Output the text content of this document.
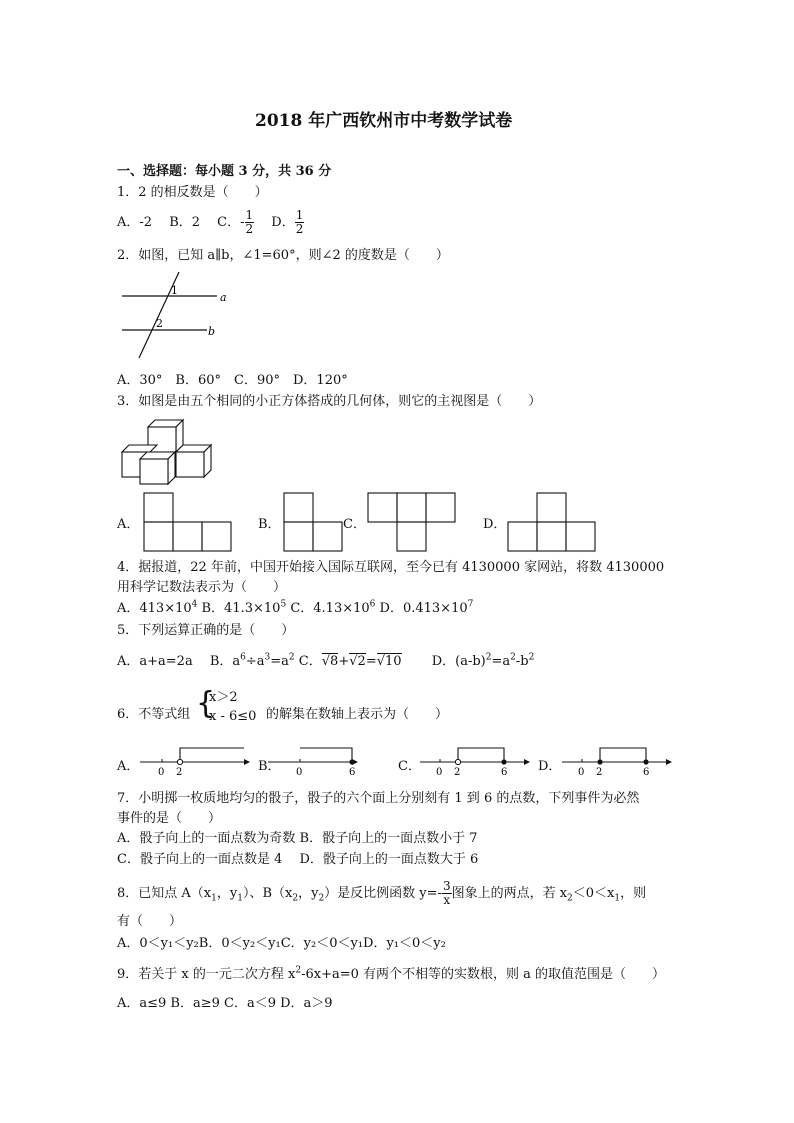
2018 年广西钦州市中考数学试卷
一、选择题：每小题 3 分，共 36 分
1．2 的相反数是（　　）
A．-2　 B．2　 C．- $\frac{1}{2}$
　 D． $\frac{1}{2}$
2．如图，已知 a∥b，∠1=60°，则∠2 的度数是（　　）
1
2
a
b
A．30°　B．60°　C．90°　D．120°
3．如图是由五个相同的小正方体搭成的几何体，则它的主视图是（　　）
A．	B．	C．	D．
4．据报道，22 年前，中国开始接入国际互联网，至今已有 4130000 家网站，将数 4130000
用科学记数法表示为（　　）
A．$413\times 10^4$ B．$41.3\times 10^5$ C．$4.13\times 10^6$ D．$0.413\times 10^7$
5．下列运算正确的是（　　）
A．a+a=2a　 B．$a^6\div a^3=a^2$ C．√8+√2=√10　　 D．$(a-b)^2=a^2-b^2$
6．不等式组 {
x＞2
x - 6≤0 的解集在数轴上表示为（　　）
A． 0 2	B． 0	6	C． 0 2	6 D． 0 2	6
7．小明掷一枚质地均匀的骰子，骰子的六个面上分别刻有 1 到 6 的点数，下列事件为必然
事件的是（　　）
A．骰子向上的一面点数为奇数 B．骰子向上的一面点数小于 7
C．骰子向上的一面点数是 4　 D．骰子向上的一面点数大于 6
8．已知点 $A(x_1$，$y_1$）、$B(x_2$，$y_2$）是反比例函数 $y=- \frac{3}{x}$ 图象上的两点，若 $x_2<0<x_1$，则
有（　　）
A．0＜y₁＜y₂B．0＜y₂＜y₁C．y₂＜0＜y₁D．y₁＜0＜y₂
9．若关于 x 的一元二次方程 $x^2-6x+a=0$ 有两个不相等的实数根，则 a 的取值范围是（　　）
A．a≤9 B．a≥9 C．a＜9 D．a＞9
